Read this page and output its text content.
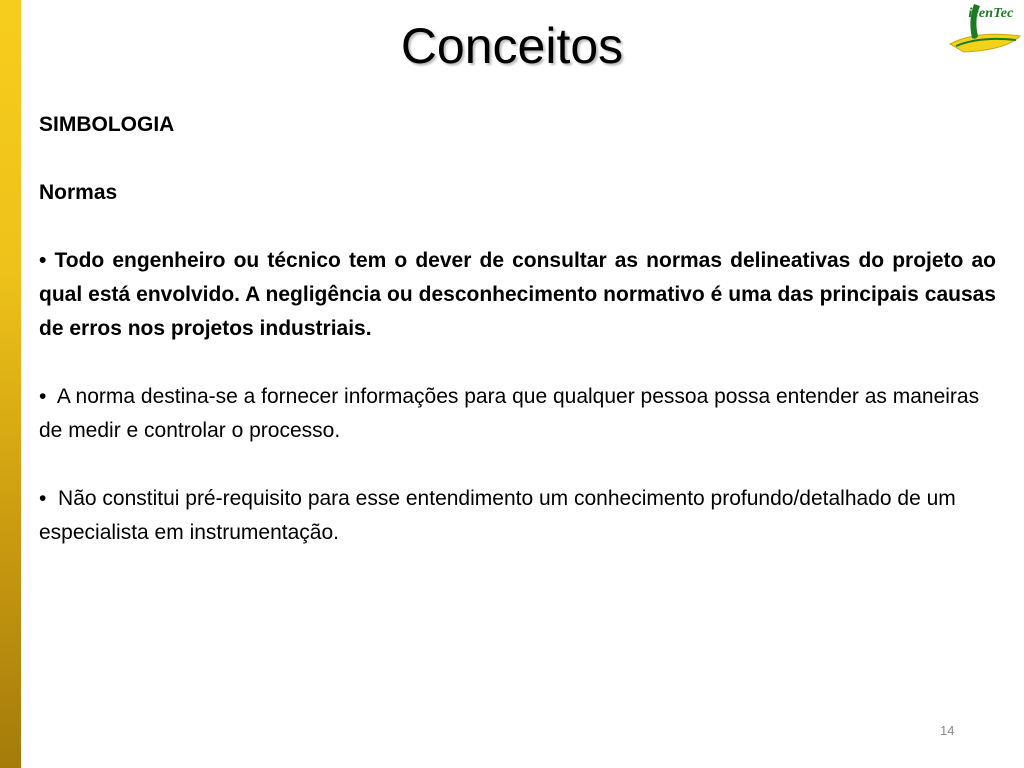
Conceitos
icenTec

SIMBOLOGIA

Normas

• Todo engenheiro ou técnico tem o dever de consultar as normas delineativas do projeto ao qual está envolvido. A negligência ou desconhecimento normativo é uma das principais causas de erros nos projetos industriais.

• A norma destina-se a fornecer informações para que qualquer pessoa possa entender as maneiras de medir e controlar o processo.

• Não constitui pré-requisito para esse entendimento um conhecimento profundo/detalhado de um especialista em instrumentação.

14
